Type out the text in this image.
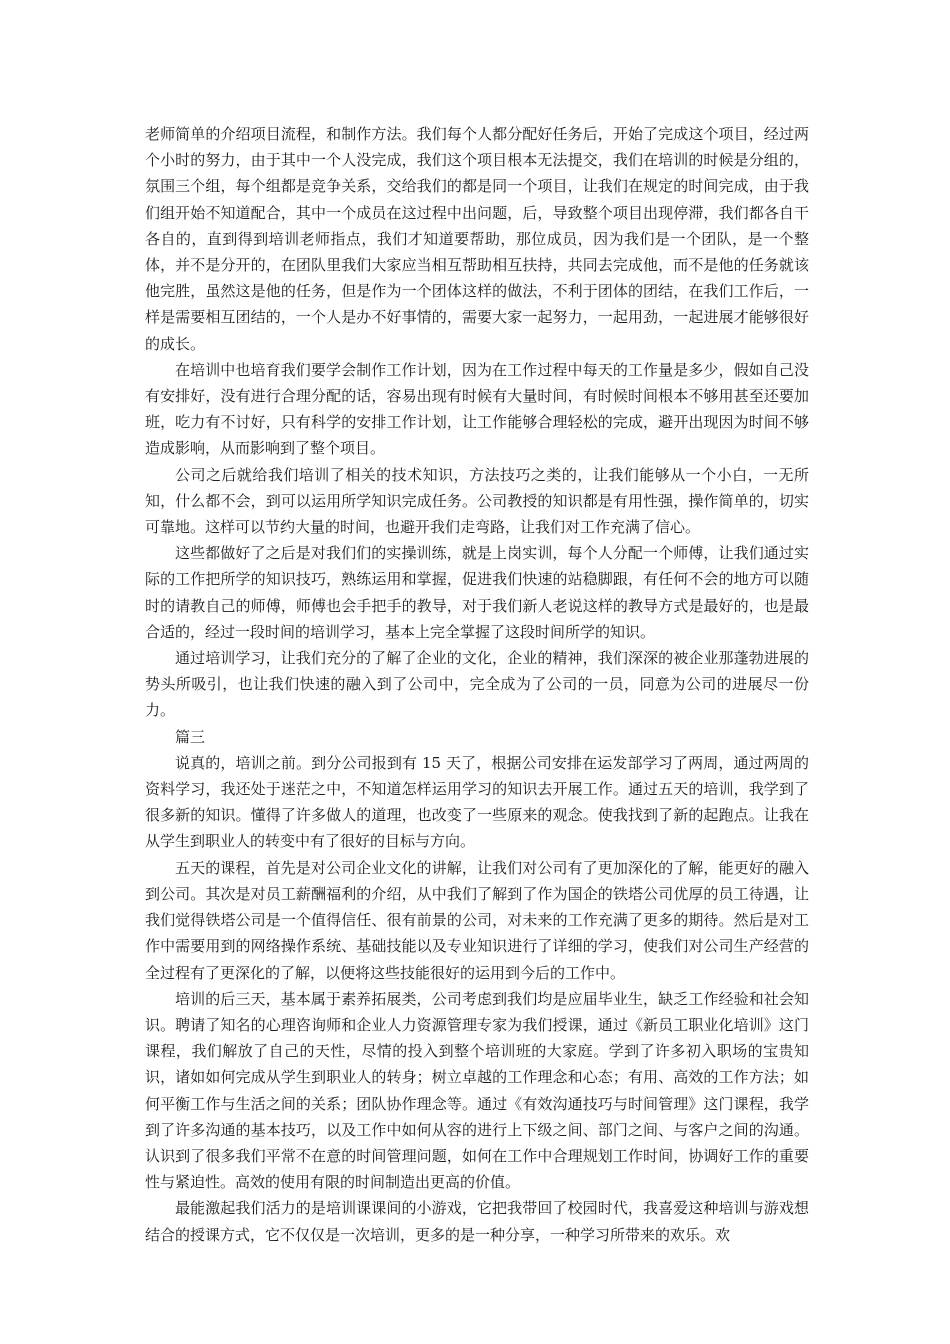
老师简单的介绍项目流程，和制作方法。我们每个人都分配好任务后，开始了完成这个项目，经过两个小时的努力，由于其中一个人没完成，我们这个项目根本无法提交，我们在培训的时候是分组的，氛围三个组，每个组都是竞争关系，交给我们的都是同一个项目，让我们在规定的时间完成，由于我们组开始不知道配合，其中一个成员在这过程中出问题，后，导致整个项目出现停滞，我们都各自干各自的，直到得到培训老师指点，我们才知道要帮助，那位成员，因为我们是一个团队，是一个整体，并不是分开的，在团队里我们大家应当相互帮助相互扶持，共同去完成他，而不是他的任务就该他完胜，虽然这是他的任务，但是作为一个团体这样的做法，不利于团体的团结，在我们工作后，一样是需要相互团结的，一个人是办不好事情的，需要大家一起努力，一起用劲，一起进展才能够很好的成长。

在培训中也培育我们要学会制作工作计划，因为在工作过程中每天的工作量是多少，假如自己没有安排好，没有进行合理分配的话，容易出现有时候有大量时间，有时候时间根本不够用甚至还要加班，吃力有不讨好，只有科学的安排工作计划，让工作能够合理轻松的完成，避开出现因为时间不够造成影响，从而影响到了整个项目。

公司之后就给我们培训了相关的技术知识，方法技巧之类的，让我们能够从一个小白，一无所知，什么都不会，到可以运用所学知识完成任务。公司教授的知识都是有用性强，操作简单的，切实可靠地。这样可以节约大量的时间，也避开我们走弯路，让我们对工作充满了信心。

这些都做好了之后是对我们们的实操训练，就是上岗实训，每个人分配一个师傅，让我们通过实际的工作把所学的知识技巧，熟练运用和掌握，促进我们快速的站稳脚跟，有任何不会的地方可以随时的请教自己的师傅，师傅也会手把手的教导，对于我们新人老说这样的教导方式是最好的，也是最合适的，经过一段时间的培训学习，基本上完全掌握了这段时间所学的知识。

通过培训学习，让我们充分的了解了企业的文化，企业的精神，我们深深的被企业那蓬勃进展的势头所吸引，也让我们快速的融入到了公司中，完全成为了公司的一员，同意为公司的进展尽一份力。

篇三

说真的，培训之前。到分公司报到有 15 天了，根据公司安排在运发部学习了两周，通过两周的资料学习，我还处于迷茫之中，不知道怎样运用学习的知识去开展工作。通过五天的培训，我学到了很多新的知识。懂得了许多做人的道理，也改变了一些原来的观念。使我找到了新的起跑点。让我在从学生到职业人的转变中有了很好的目标与方向。

五天的课程，首先是对公司企业文化的讲解，让我们对公司有了更加深化的了解，能更好的融入到公司。其次是对员工薪酬福利的介绍，从中我们了解到了作为国企的铁塔公司优厚的员工待遇，让我们觉得铁塔公司是一个值得信任、很有前景的公司，对未来的工作充满了更多的期待。然后是对工作中需要用到的网络操作系统、基础技能以及专业知识进行了详细的学习，使我们对公司生产经营的全过程有了更深化的了解，以便将这些技能很好的运用到今后的工作中。

培训的后三天，基本属于素养拓展类，公司考虑到我们均是应届毕业生，缺乏工作经验和社会知识。聘请了知名的心理咨询师和企业人力资源管理专家为我们授课，通过《新员工职业化培训》这门课程，我们解放了自己的天性，尽情的投入到整个培训班的大家庭。学到了许多初入职场的宝贵知识，诸如如何完成从学生到职业人的转身；树立卓越的工作理念和心态；有用、高效的工作方法；如何平衡工作与生活之间的关系；团队协作理念等。通过《有效沟通技巧与时间管理》这门课程，我学到了许多沟通的基本技巧，以及工作中如何从容的进行上下级之间、部门之间、与客户之间的沟通。认识到了很多我们平常不在意的时间管理问题，如何在工作中合理规划工作时间，协调好工作的重要性与紧迫性。高效的使用有限的时间制造出更高的价值。

最能激起我们活力的是培训课课间的小游戏，它把我带回了校园时代，我喜爱这种培训与游戏想结合的授课方式，它不仅仅是一次培训，更多的是一种分享，一种学习所带来的欢乐。欢
